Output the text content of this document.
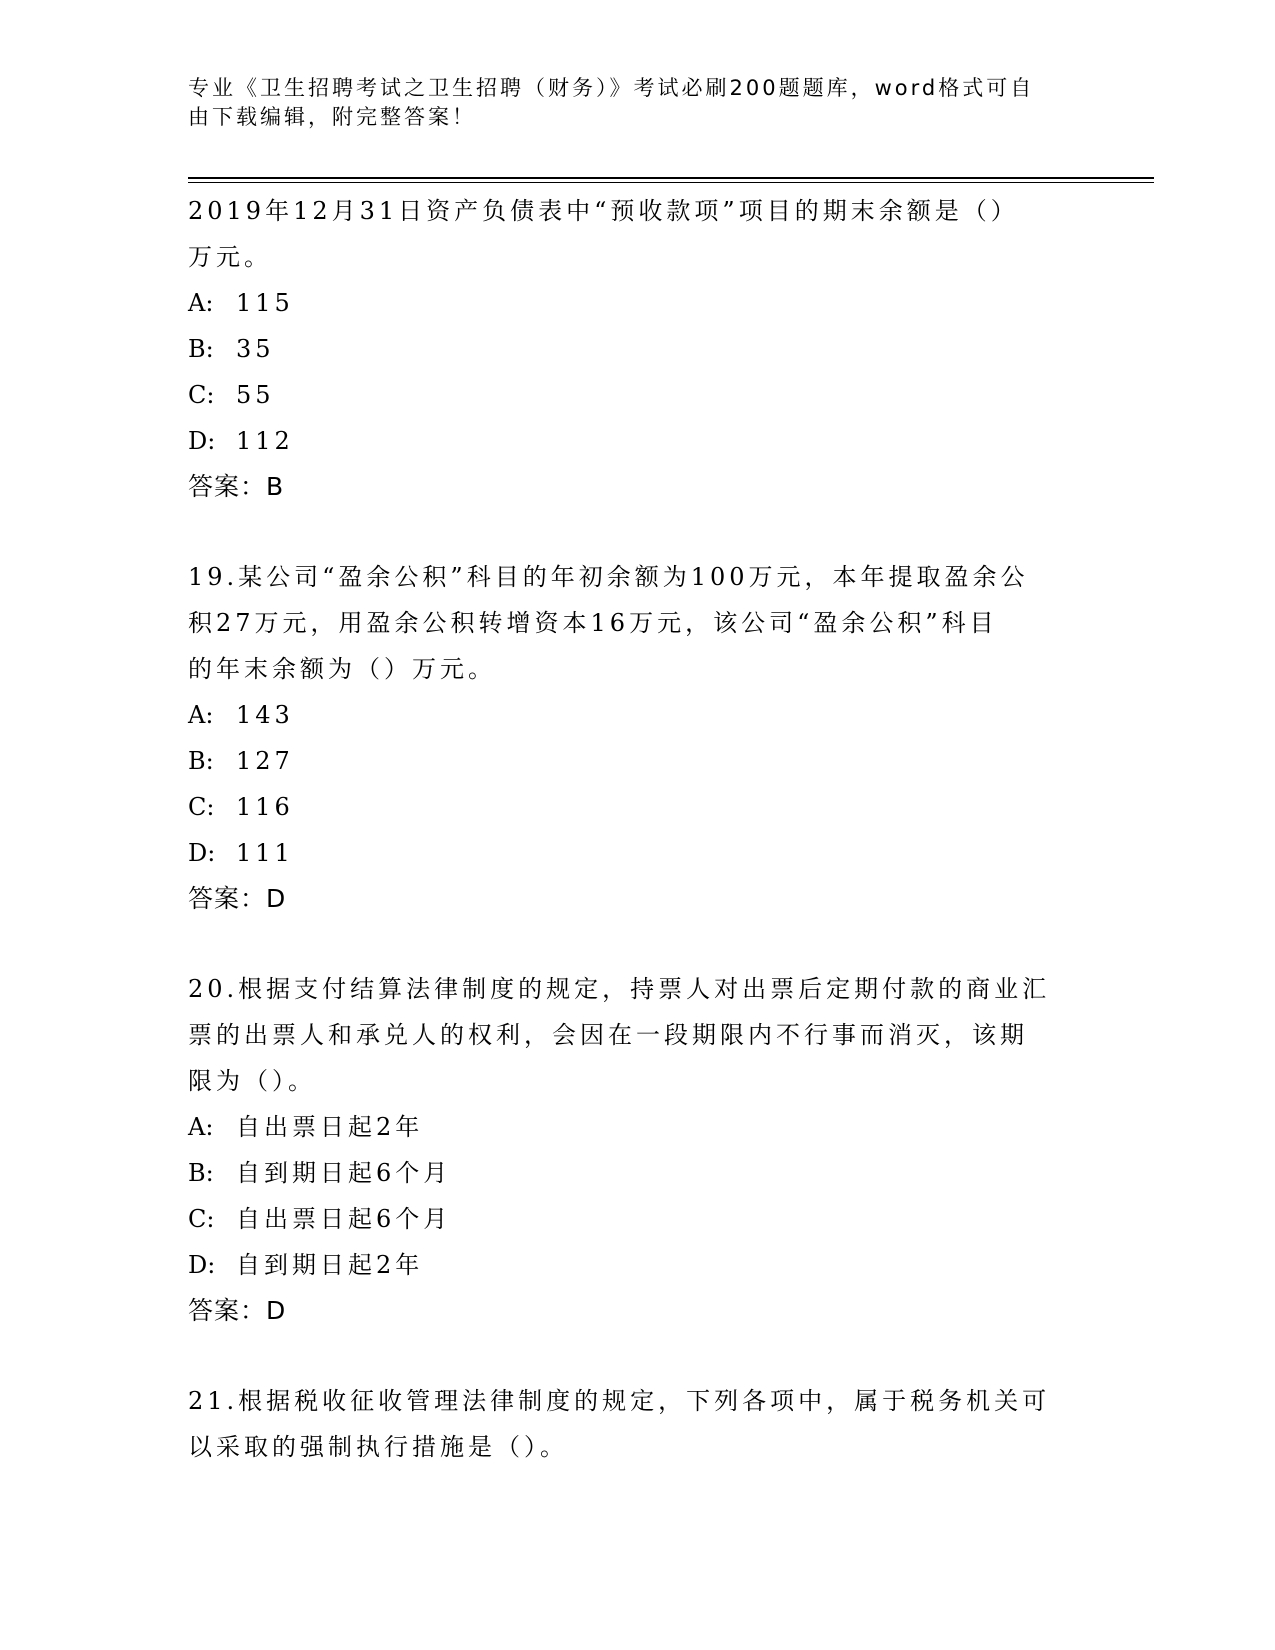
专业《卫生招聘考试之卫生招聘（财务）》考试必刷200题题库，word格式可自
由下载编辑，附完整答案！

2019年12月31日资产负债表中“预收款项”项目的期末余额是（）

万元。

A: 115

B: 35

C: 55

D: 112

答案：B

19.某公司“盈余公积”科目的年初余额为100万元，本年提取盈余公

积27万元，用盈余公积转增资本16万元，该公司“盈余公积”科目

的年末余额为（）万元。

A: 143

B: 127

C: 116

D: 111

答案：D

20.根据支付结算法律制度的规定，持票人对出票后定期付款的商业汇

票的出票人和承兑人的权利，会因在一段期限内不行事而消灭，该期

限为（）。

A: 自出票日起2年

B: 自到期日起6个月

C: 自出票日起6个月

D: 自到期日起2年

答案：D

21.根据税收征收管理法律制度的规定，下列各项中，属于税务机关可

以采取的强制执行措施是（）。
